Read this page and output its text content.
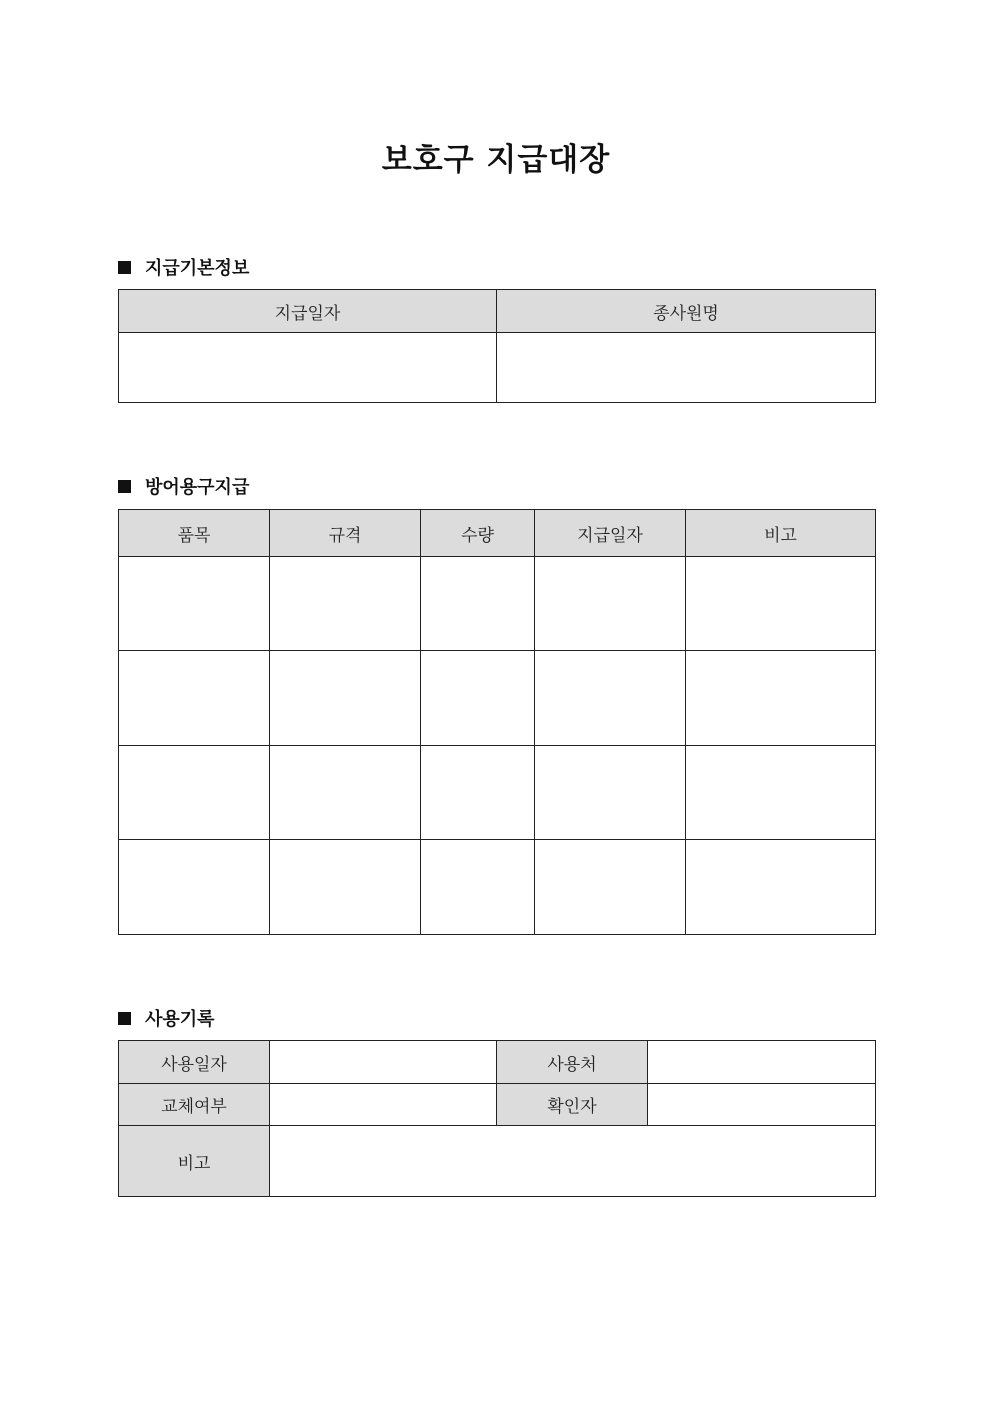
보호구 지급대장
지급기본정보
지급일자	종사원명

방어용구지급
품목	규격	수량	지급일자	비고

사용기록
사용일자		사용처	
교체여부		확인자	
비고			
